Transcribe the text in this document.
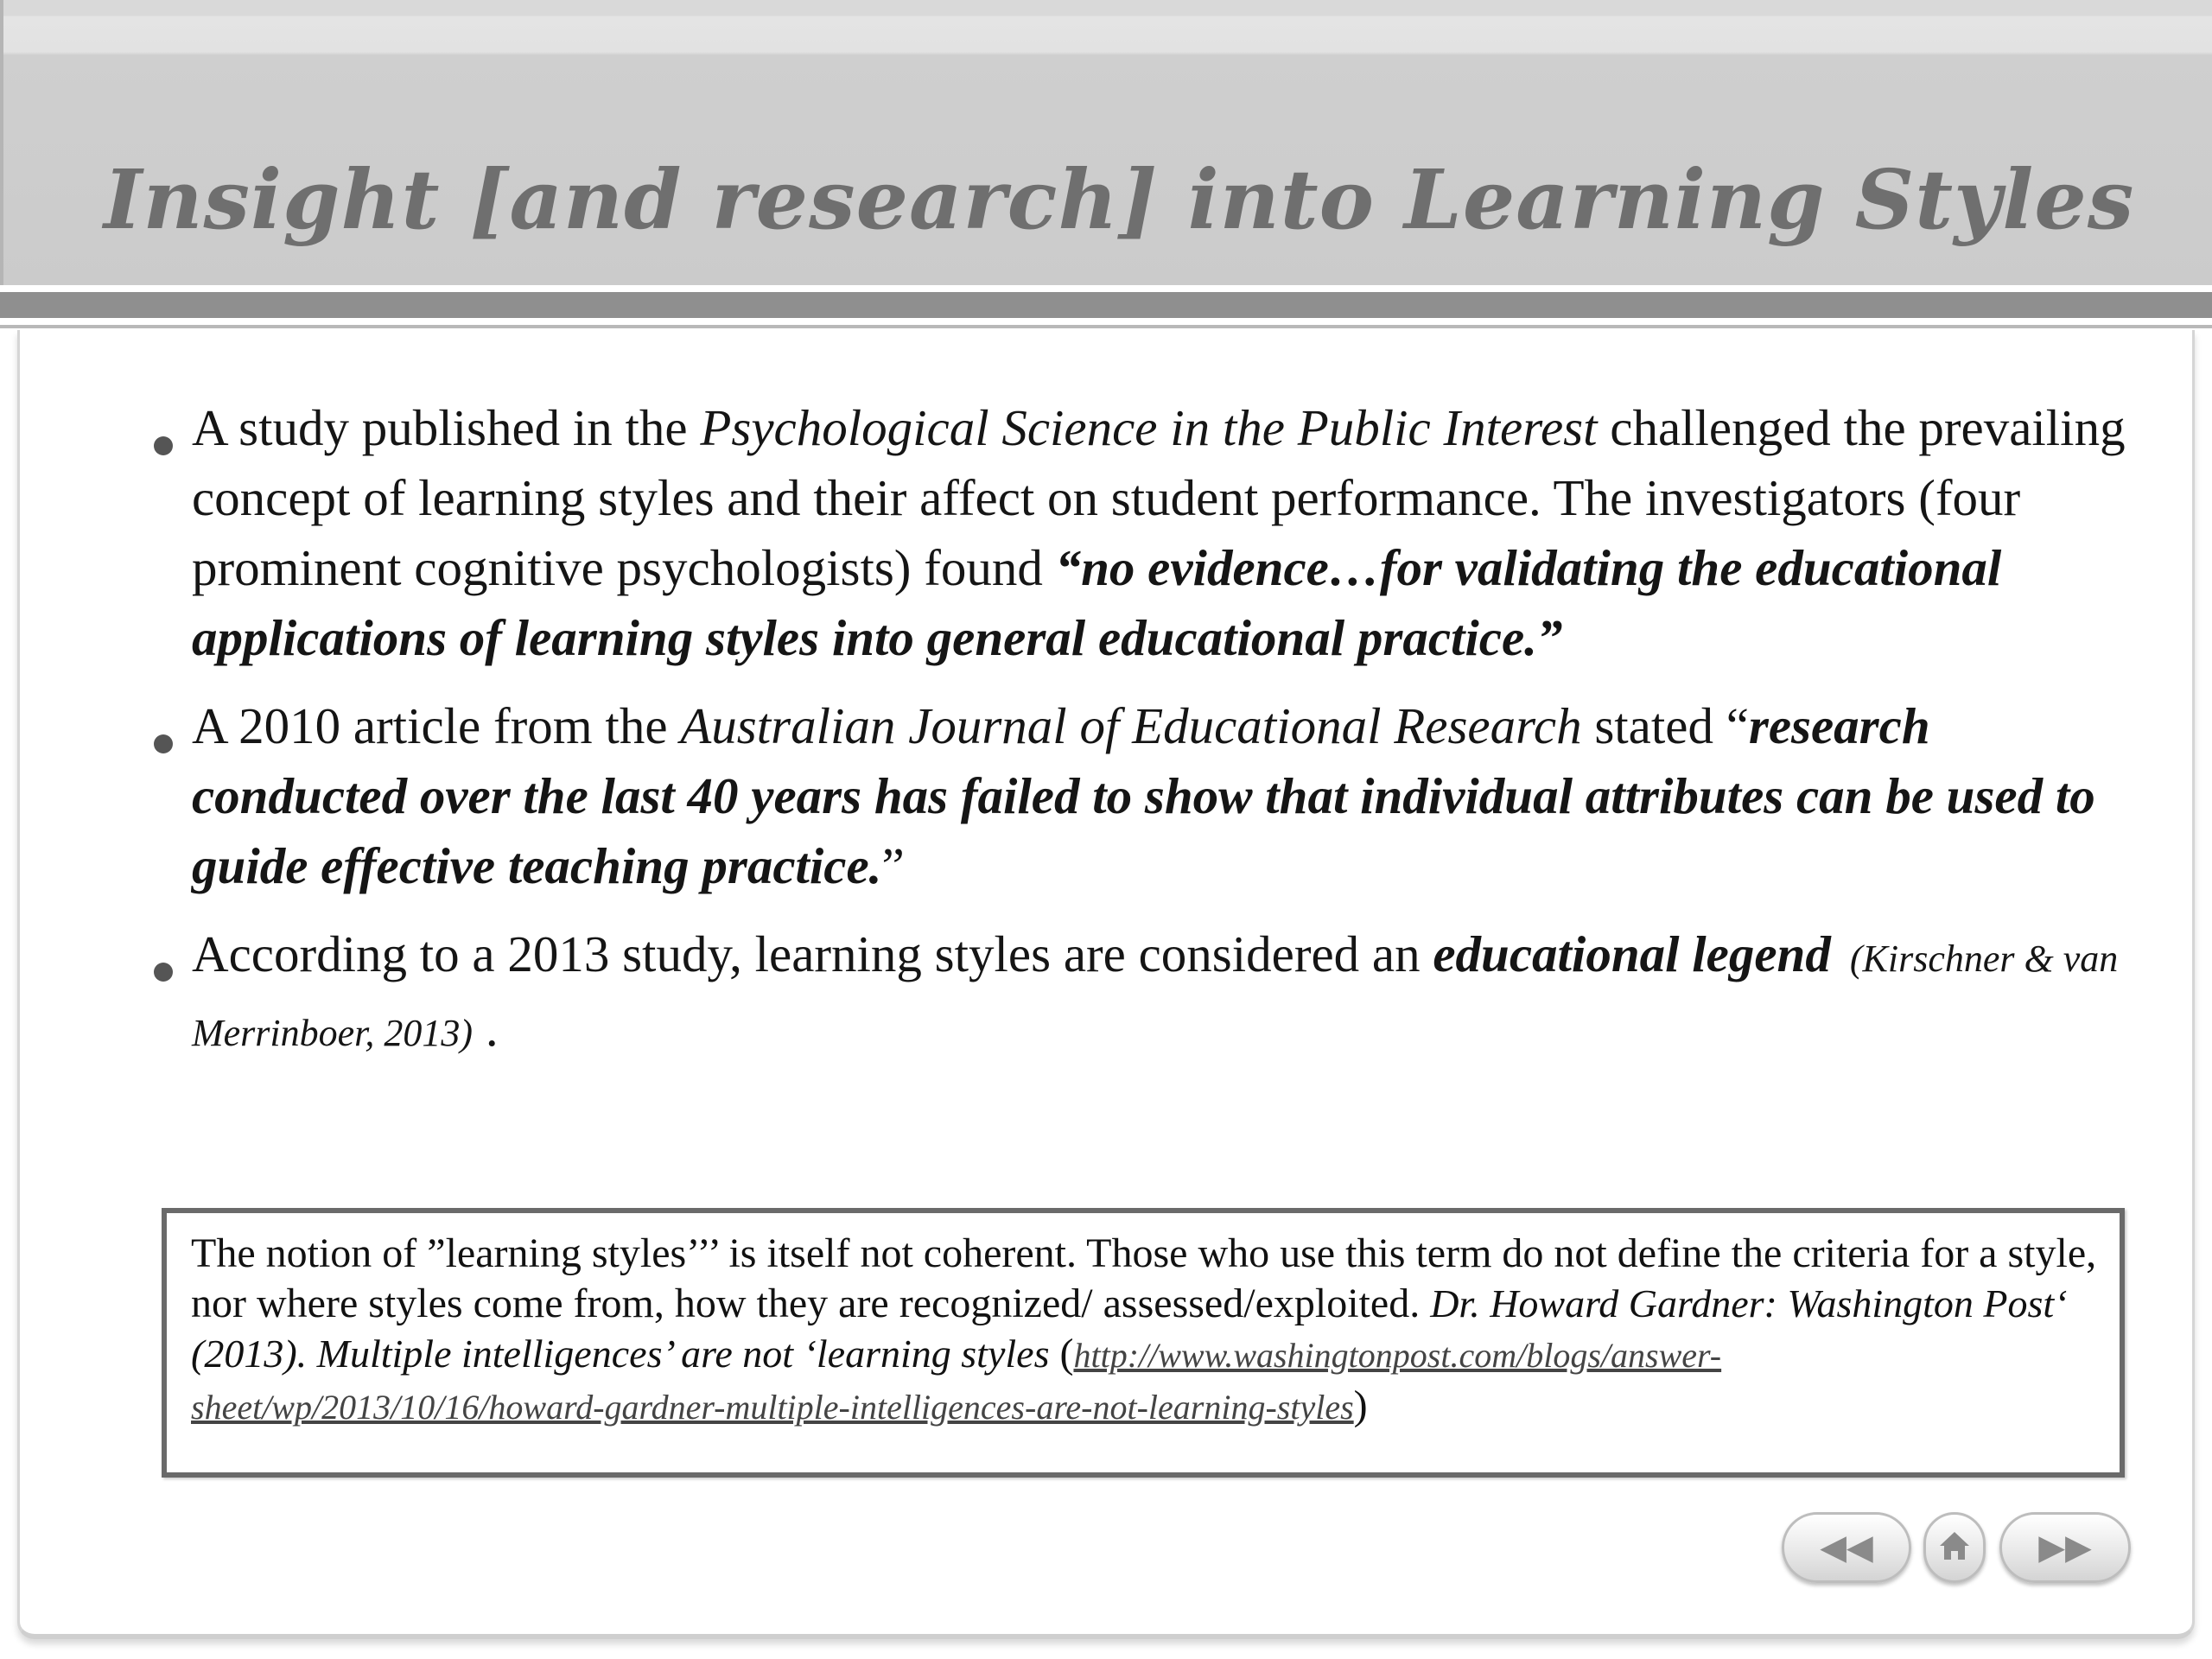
Insight [and research] into Learning Styles
A study published in the Psychological Science in the Public Interest challenged the prevailing concept of learning styles and their affect on student performance. The investigators (four prominent cognitive psychologists) found “no evidence…for validating the educational applications of learning styles into general educational practice.”
A 2010 article from the Australian Journal of Educational Research stated “research conducted over the last 40 years has failed to show that individual attributes can be used to guide effective teaching practice.”
According to a 2013 study, learning styles are considered an educational legend (Kirschner & van Merrinboer, 2013) .
The notion of ”learning styles’’’ is itself not coherent. Those who use this term do not define the criteria for a style, nor where styles come from, how they are recognized/ assessed/exploited. Dr. Howard Gardner: Washington Post‘ (2013). Multiple intelligences’ are not ‘learning styles (http://www.washingtonpost.com/blogs/answer-sheet/wp/2013/10/16/howard-gardner-multiple-intelligences-are-not-learning-styles)
◀◀	▶▶
